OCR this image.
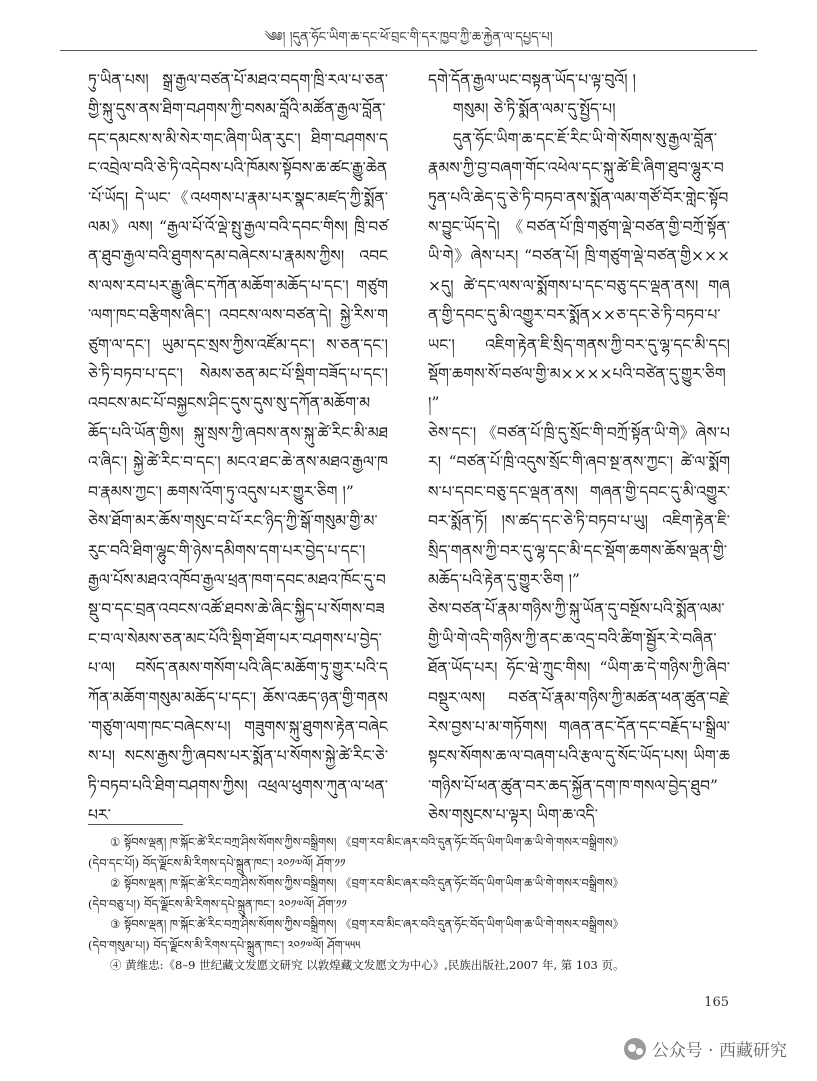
༄༅། །དུན་ཧོང་ཡིག་ཆ་དང་ཕོ་བྲང་གི་དར་ཁྱབ་ཀྱི་ཆ་རྐྱེན་ལ་དཔྱད་པ།

ཏུ་ཡིན་པས། སྒྲ་རྒྱལ་བཙན་པོ་མཐའ་བདག་ཁྲི་རལ་པ་ཅན་གྱི་སྐུ་དུས་ནས་ཐིག་བཤགས་ཀྱི་བསམ་བློའི་མཚོན་རྒྱལ་བློན་དང་དམངས་ས་མི་སེར་གང་ཞིག་ཡིན་རུང་། ཐིག་བཤགས་དང་འབྲེལ་བའི་ཅེ་ཏི་འདེབས་པའི་ཁོམས་སྟོབས་ཆ་ཚང་རྒྱུ་ཆེན་པོ་ཡོད། དེ་ཡང་《འཕགས་པ་རྣམ་པར་སྣང་མཛད་ཀྱི་སྨོན་ལམ》ལས། “རྒྱལ་པོ་འོ་ལྡེ་སྤུ་རྒྱལ་བའི་དབང་གིས། ཁྲི་བཙན་ཐུབ་རྒྱལ་བའི་ཐུགས་དམ་བཞེངས་པ་རྣམས་ཀྱིས། འབངས་ལས་རབ་པར་རྒྱུ་ཞིང་དཀོན་མཆོག་མཆོད་པ་དང་། གཙུག་ལག་ཁང་བརྩིགས་ཞིང་། འབངས་ལས་བཙན་དེ། སྐྱེ་རིས་གཙུག་ལ་དང་། ཡུམ་དང་སྲས་ཀྱིས་འཛོམ་དང་། ས་ཅན་དང་། ཅེ་ཏི་བཏབ་པ་དང་། སེམས་ཅན་མང་པོ་སྡིག་བཟོད་པ་དང་། འབངས་མང་པོ་བསྐྱངས་ཤིང་དུས་དུས་སུ་དཀོན་མཆོག་མཆོད་པའི་ཡོན་གྱིས། སྐུ་སྲས་ཀྱི་ཞབས་ནས་སྐུ་ཚེ་རིང་མི་མཐའ་ཞིང་། སྐྱེ་ཚེ་རིང་བ་དང་། མངའ་ཐང་ཆེ་ནས་མཐའ་རྒྱལ་ཁབ་རྣམས་ཀྱང་། ཆགས་འོག་ཏུ་འདུས་པར་གྱུར་ཅིག །”

ཅེས་ཐོག་མར་ཆོས་གསུང་བ་པོ་རང་ཉིད་ཀྱི་སྒོ་གསུམ་གྱི་མ་རུང་བའི་ཐིག་ལྷུང་གི་ཉེས་དམིགས་དག་པར་བྱེད་པ་དང་། རྒྱལ་པོས་མཐའ་འཁོབ་རྒྱལ་ཕྲན་ཁག་དབང་མཐའ་ཁོང་དུ་བསྡུ་བ་དང་བྲན་འབངས་འཚོ་ཐབས་ཆེ་ཞིང་སྐྱིད་པ་སོགས་བཟང་བ་ལ་སེམས་ཅན་མང་པོའི་སྡིག་ཐོག་པར་བཤགས་པ་བྱེད་པ་ལ། བསོད་ནམས་གསོག་པའི་ཞིང་མཆོག་ཏུ་གྱུར་པའི་དཀོན་མཆོག་གསུམ་མཆོད་པ་དང་། ཆོས་འཆད་ཉན་གྱི་གནས་གཙུག་ལག་ཁང་བཞེངས་པ། གཟུགས་སྐུ་ཐུགས་རྟེན་བཞེངས་པ། སངས་རྒྱས་ཀྱི་ཞབས་པར་སྨོན་པ་སོགས་སྐྱེ་ཚེ་རིང་ཅེ་ཏི་བཏབ་པའི་ཐིག་བཤགས་ཀྱིས། འཕྲལ་ཕུགས་ཀུན་ལ་ཕན་པར་

དགེ་དོན་རྒྱལ་ཡང་བསྟན་ཡོད་པ་ལྟ་བུའོ། །

གསུམ། ཅེ་ཏི་སྨོན་ལམ་དུ་སྤྱོད་པ།

དུན་ཧོང་ཡིག་ཆ་དང་ཇོ་རིང་ཡི་གེ་སོགས་སུ་རྒྱལ་བློན་རྣམས་ཀྱི་བྱ་བཞག་གོང་འཕེལ་དང་སྐུ་ཚེ་ཇི་ཞིག་ཐུབ་ལྷུར་བཏུན་པའི་ཆེད་དུ་ཅེ་ཏི་བཏབ་ནས་སྨོན་ལམ་གཙོ་བོར་གླེང་སྟོབས་བྱུང་ཡོད་དེ། 《བཙན་པོ་ཁྲི་གཙུག་ལྡེ་བཙན་གྱི་བཀྲོ་སྟོན་ཡི་གེ》ཞེས་པར། “བཙན་པོ། ཁྲི་གཙུག་ལྡེ་བཙན་གྱི××××དུ། ཚེ་དང་ལས་ལ་སྨོགས་པ་དང་བཅུ་དང་ལྡན་ནས། གཞན་གྱི་དབང་དུ་མི་འགྱུར་བར་སྨོན××ཅ་དང་ཅེ་ཏི་བཏབ་པ་ཡང་། འཇིག་རྟེན་ཇི་སྲིད་གནས་ཀྱི་བར་དུ་ལྷ་དང་མི་དང། སྡོག་ཆགས་སོ་བཙལ་གྱི་མ××××པའི་བཙེན་དུ་གྱུར་ཅིག །”

ཅེས་དང་། 《བཙན་པོ་ཁྲི་དུ་སྲོང་གི་བཀྲོ་སྟོན་ཡི་གེ》ཞེས་པར། “བཙན་པོ་ཁྲི་འདུས་སྲོང་གི་ཞབ་སྔ་ནས་ཀྱང་། ཚེ་ལ་སྨོགས་པ་དབང་བཅུ་དང་ལྡན་ནས། གཞན་གྱི་དབང་དུ་མི་འགྱུར་བར་སྨོན་ཏོ། །ས་ཚད་དང་ཅེ་ཏི་བཏབ་པ་ཡུ། འཇིག་རྟེན་ཇི་སྲིད་གནས་ཀྱི་བར་དུ་ལྷ་དང་མི་དང་སྡོག་ཆགས་ཆོས་ལྡན་གྱི་མཆོད་པའི་རྟེན་དུ་གྱུར་ཅིག །”

ཅེས་བཙན་པོ་རྣམ་གཉིས་ཀྱི་སྐུ་ཡོན་དུ་བསྔོས་པའི་སྨོན་ལམ་གྱི་ཡི་གེ་འདི་གཉིས་ཀྱི་ནང་ཆ་འདྲ་བའི་ཚིག་སྦྱོར་རེ་བཞིན་ཐོན་ཡོད་པར། ཧོང་ཝེ་ཀྲུང་གིས། “ཡིག་ཆ་དེ་གཉིས་ཀྱི་ཞིབ་བསྡུར་ལས། བཙན་པོ་རྣམ་གཉིས་ཀྱི་མཚན་ཕན་ཚུན་བརྗེ་རེས་བྱས་པ་མ་གཏོགས། གཞན་ནང་དོན་དང་བརྗོད་པ་སྒྲིལ་སྟངས་སོགས་ཆ་ལ་བཞག་པའི་རྩལ་དུ་སོང་ཡོད་པས། ཡིག་ཆ་གཉིས་པོ་ཕན་ཚུན་བར་ཆད་སྐྱོན་དག་ཁ་གསལ་བྱེད་ཐུབ”

ཅེས་གསུངས་པ་ལྟར། ཡིག་ཆ་འདི་

① སྟོབས་ལྡན། ཁ་སྐོང་ཚེ་རིང་བཀྲ་ཤིས་སོགས་ཀྱིས་བསྒྲིགས། 《བྲག་རབ་མིང་ཞར་བའི་དུན་ཧོང་བོད་ཡིག་ཡིག་ཆ་ཡི་གེ་གསར་བསྒྲིགས》
(དེབ་དང་པོ།) བོད་ལྗོངས་མི་རིགས་དཔེ་སྐྲུན་ཁང་། ༢༠༡༧ལོ། ཤོག་༡༡

② སྟོབས་ལྡན། ཁ་སྐོང་ཚེ་རིང་བཀྲ་ཤིས་སོགས་ཀྱིས་བསྒྲིགས། 《བྲག་རབ་མིང་ཞར་བའི་དུན་ཧོང་བོད་ཡིག་ཡིག་ཆ་ཡི་གེ་གསར་བསྒྲིགས》
(དེབ་བཅུ་པ།) བོད་ལྗོངས་མི་རིགས་དཔེ་སྐྲུན་ཁང་། ༢༠༡༧ལོ། ཤོག་༡༡

③ སྟོབས་ལྡན། ཁ་སྐོང་ཚེ་རིང་བཀྲ་ཤིས་སོགས་ཀྱིས་བསྒྲིགས། 《བྲག་རབ་མིང་ཞར་བའི་དུན་ཧོང་བོད་ཡིག་ཡིག་ཆ་ཡི་གེ་གསར་བསྒྲིགས》
(དེབ་གསུམ་པ།) བོད་ལྗོངས་མི་རིགས་དཔེ་སྐྲུན་ཁང་། ༢༠༡༧ལོ། ཤོག་༥༥༥

④ 黄维忠:《8–9 世纪藏文发愿文研究 以敦煌藏文发愿文为中心》,民族出版社,2007 年, 第 103 页。

165
公众号 · 西藏研究
